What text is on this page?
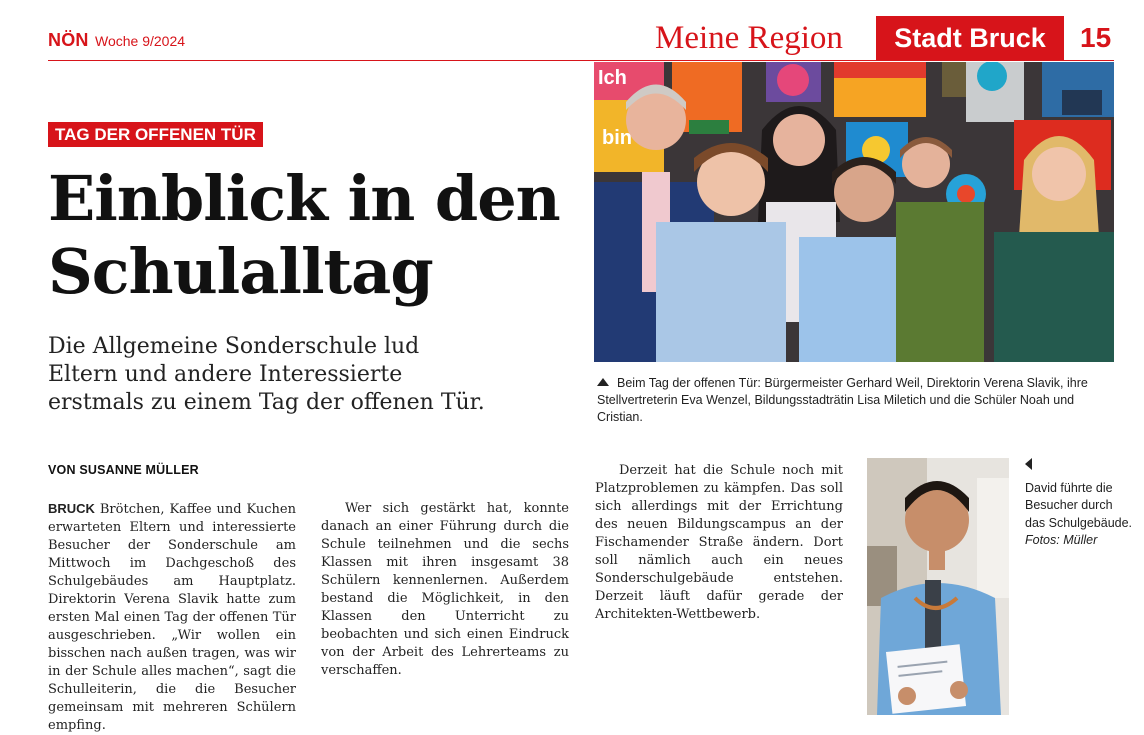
NÖN Woche 9/2024	Meine Region	Stadt Bruck	15
TAG DER OFFENEN TÜR
Einblick in den
Schulalltag
Die Allgemeine Sonderschule lud
Eltern und andere Interessierte
erstmals zu einem Tag der offenen Tür.
VON SUSANNE MÜLLER

BRUCK Brötchen, Kaffee und Kuchen erwarteten Eltern und interessierte Besucher der Sonderschule am Mittwoch im Dachgeschoß des Schulgebäudes am Hauptplatz. Direktorin Verena Slavik hatte zum ersten Mal einen Tag der offenen Tür ausgeschrieben. „Wir wollen ein bisschen nach außen tragen, was wir in der Schule alles machen“, sagt die Schulleiterin, die die Besucher gemeinsam mit mehreren Schülern empfing.

Wer sich gestärkt hat, konnte danach an einer Führung durch die Schule teilnehmen und die sechs Klassen mit ihren insgesamt 38 Schülern kennenlernen. Außerdem bestand die Möglichkeit, in den Klassen den Unterricht zu beobachten und sich einen Eindruck von der Arbeit des Lehrerteams zu verschaffen.

Derzeit hat die Schule noch mit Platzproblemen zu kämpfen. Das soll sich allerdings mit der Errichtung des neuen Bildungscampus an der Fischamender Straße ändern. Dort soll nämlich auch ein neues Sonderschulgebäude entstehen. Derzeit läuft dafür gerade der Architekten-Wettbewerb.

Ich
bin
Beim Tag der offenen Tür: Bürgermeister Gerhard Weil, Direktorin Verena Slavik, ihre Stellvertreterin Eva Wenzel, Bildungsstadträtin Lisa Miletich und die Schüler Noah und Cristian.
David führte die Besucher durch das Schulgebäude.
Fotos: Müller
